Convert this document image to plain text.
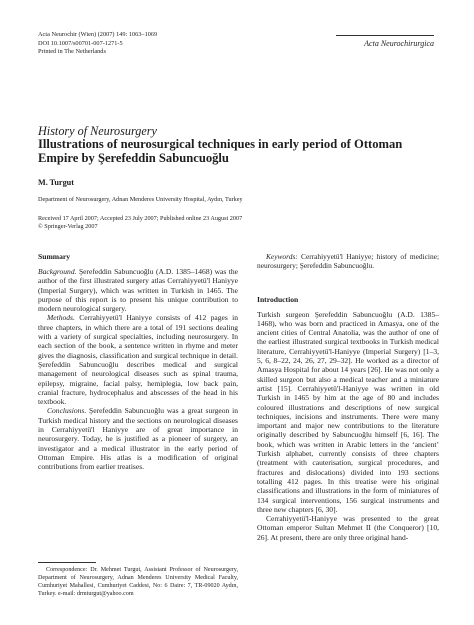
Acta Neurochir (Wien) (2007) 149: 1063–1069
DOI 10.1007/s00701-007-1271-5
Printed in The Netherlands
Acta Neurochirurgica
History of Neurosurgery
Illustrations of neurosurgical techniques in early period of Ottoman Empire by Şerefeddin Sabuncuoğlu
M. Turgut
Department of Neurosurgery, Adnan Menderes University Hospital, Aydın, Turkey
Received 17 April 2007; Accepted 23 July 2007; Published online 23 August 2007
© Springer-Verlag 2007
Summary

Background. Şerefeddin Sabuncuoğlu (A.D. 1385–1468) was the author of the first illustrated surgery atlas Cerrahiyyetü'l Haniyye (Imperial Surgery), which was written in Turkish in 1465. The purpose of this report is to present his unique contribution to modern neurological surgery.

Methods. Cerrahiyyetü'l Haniyye consists of 412 pages in three chapters, in which there are a total of 191 sections dealing with a variety of surgical specialties, including neurosurgery. In each section of the book, a sentence written in rhyme and meter gives the diagnosis, classification and surgical technique in detail. Şerefeddin Sabuncuoğlu describes medical and surgical management of neurological diseases such as spinal trauma, epilepsy, migraine, facial palsy, hemiplegia, low back pain, cranial fracture, hydrocephalus and abscesses of the head in his textbook.

Conclusions. Şerefeddin Sabuncuoğlu was a great surgeon in Turkish medical history and the sections on neurological diseases in Cerrahiyyetü'l Haniyye are of great importance in neurosurgery. Today, he is justified as a pioneer of surgery, an investigator and a medical illustrator in the early period of Ottoman Empire. His atlas is a modification of original contributions from earlier treatises.

Keywords: Cerrahiyyetü'l Haniyye; history of medicine; neurosurgery; Şerefeddin Sabuncuoğlu.

Introduction

Turkish surgeon Şerefeddin Sabuncuoğlu (A.D. 1385–1468), who was born and practiced in Amasya, one of the ancient cities of Central Anatolia, was the author of one of the earliest illustrated surgical textbooks in Turkish medical literature, Cerrahiyyetü'l-Haniyye (Imperial Surgery) [1–3, 5, 6, 8–22, 24, 26, 27, 29–32]. He worked as a director of Amasya Hospital for about 14 years [26]. He was not only a skilled surgeon but also a medical teacher and a miniature artist [15]. Cerrahiyyetü'l-Haniyye was written in old Turkish in 1465 by him at the age of 80 and includes coloured illustrations and descriptions of new surgical techniques, incisions and instruments. There were many important and major new contributions to the literature originally described by Sabuncuoğlu himself [6, 16]. The book, which was written in Arabic letters in the ‘ancient’ Turkish alphabet, currently consists of three chapters (treatment with cauterisation, surgical procedures, and fractures and dislocations) divided into 193 sections totalling 412 pages. In this treatise were his original classifications and illustrations in the form of miniatures of 134 surgical interventions, 156 surgical instruments and three new chapters [6, 30].

Cerrahiyyetü'l-Haniyye was presented to the great Ottoman emperor Sultan Mehmet II (the Conqueror) [10, 26]. At present, there are only three original hand-

Correspondence: Dr. Mehmet Turgut, Assistant Professor of Neurosurgery, Department of Neurosurgery, Adnan Menderes University Medical Faculty, Cumhuriyet Mahallesi, Cumhuriyet Caddesi, No: 6 Daire: 7, TR-09020 Aydın, Turkey. e-mail: drmturgut@yahoo.com
